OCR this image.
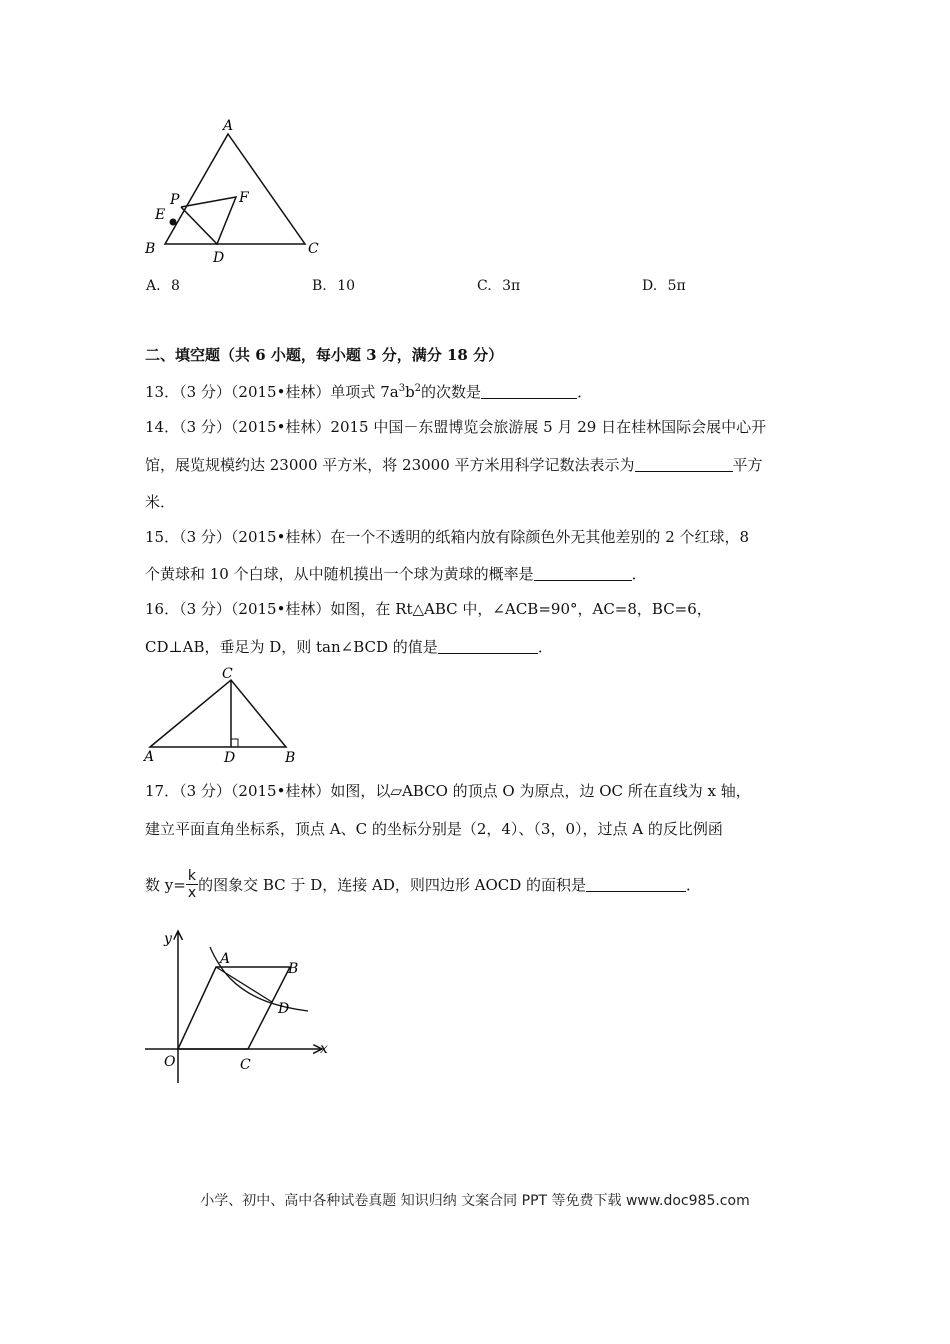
A
B	C
D
E
P	F
A. 8	B. 10	C. 3π	D. 5π
二、填空题（共 6 小题，每小题 3 分，满分 18 分）
13．（3 分）（2015•桂林）单项式 $7a^3b^2$的次数是	．
14．（3 分）（2015•桂林）2015 中国－东盟博览会旅游展 5 月 29 日在桂林国际会展中心开
馆，展览规模约达 23000 平方米，将 23000 平方米用科学记数法表示为	平方
米．
15．（3 分）（2015•桂林）在一个不透明的纸箱内放有除颜色外无其他差别的 2 个红球，8
个黄球和 10 个白球，从中随机摸出一个球为黄球的概率是	．
16．（3 分）（2015•桂林）如图，在 Rt△ABC 中，∠ACB=90°，AC=8，BC=6，
CD⊥AB，垂足为 D，则 tan∠BCD 的值是	．
C
A	D	B
17．（3 分）（2015•桂林）如图，以▱ABCO 的顶点 O 为原点，边 OC 所在直线为 x 轴，
建立平面直角坐标系，顶点 A、C 的坐标分别是（2，4）、（3，0），过点 A 的反比例函
数 $y= \frac{k}{x}$ 的图象交 BC 于 D，连接 AD，则四边形 AOCD 的面积是	．
y
x
O
A
B
C
D
小学、初中、高中各种试卷真题 知识归纳 文案合同 PPT 等免费下载 www.doc985.com
